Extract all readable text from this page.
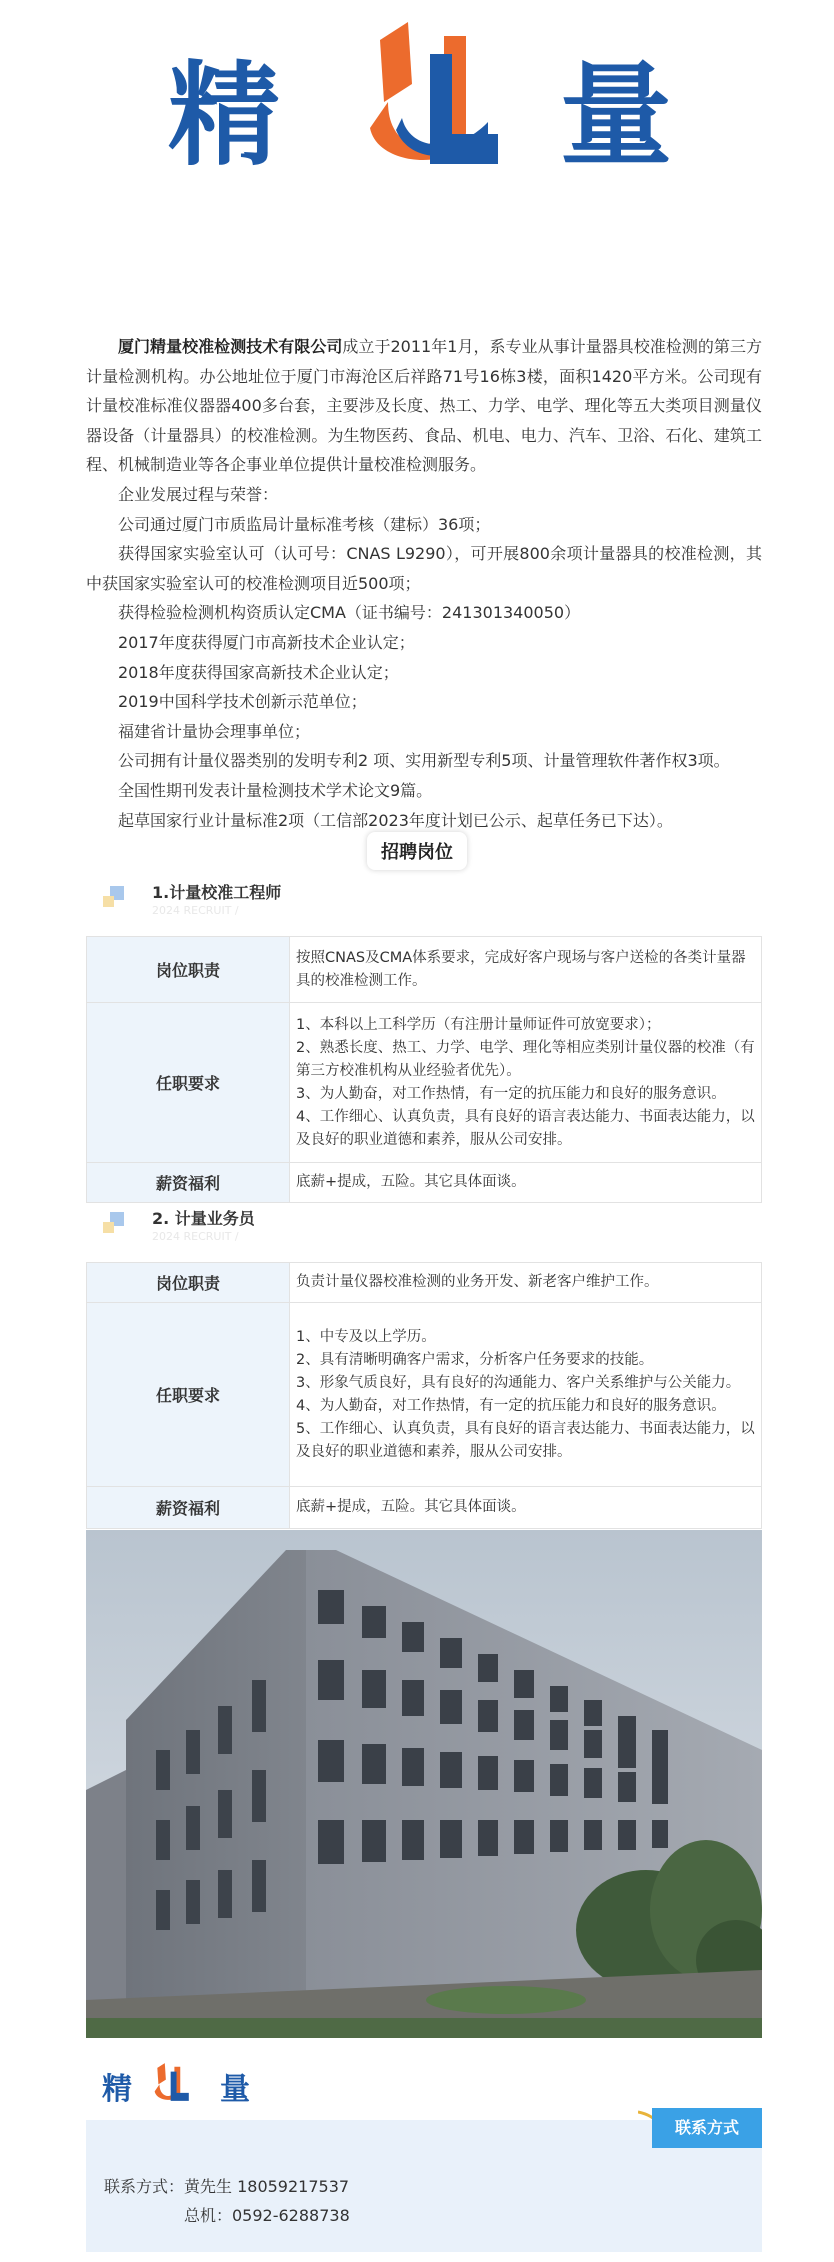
精	量

厦门精量校准检测技术有限公司成立于2011年1月，系专业从事计量器具校准检测的第三方计量检测机构。办公地址位于厦门市海沧区后祥路71号16栋3楼，面积1420平方米。公司现有计量校准标准仪器器400多台套，主要涉及长度、热工、力学、电学、理化等五大类项目测量仪器设备（计量器具）的校准检测。为生物医药、食品、机电、电力、汽车、卫浴、石化、建筑工程、机械制造业等各企事业单位提供计量校准检测服务。

企业发展过程与荣誉：

公司通过厦门市质监局计量标准考核（建标）36项；

获得国家实验室认可（认可号：CNAS L9290），可开展800余项计量器具的校准检测，其中获国家实验室认可的校准检测项目近500项；

获得检验检测机构资质认定CMA（证书编号：241301340050）

2017年度获得厦门市高新技术企业认定；

2018年度获得国家高新技术企业认定；

2019中国科学技术创新示范单位；

福建省计量协会理事单位；

公司拥有计量仪器类别的发明专利2 项、实用新型专利5项、计量管理软件著作权3项。

全国性期刊发表计量检测技术学术论文9篇。

起草国家行业计量标准2项（工信部2023年度计划已公示、起草任务已下达）。

招聘岗位
1.计量校准工程师
2024 RECRUIT /
岗位职责	按照CNAS及CMA体系要求，完成好客户现场与客户送检的各类计量器具的校准检测工作。
任职要求	1、本科以上工科学历（有注册计量师证件可放宽要求）；
2、熟悉长度、热工、力学、电学、理化等相应类别计量仪器的校准（有第三方校准机构从业经验者优先）。
3、为人勤奋，对工作热情，有一定的抗压能力和良好的服务意识。
4、工作细心、认真负责，具有良好的语言表达能力、书面表达能力，以及良好的职业道德和素养，服从公司安排。

薪资福利	底薪+提成，五险。其它具体面谈。
2. 计量业务员
2024 RECRUIT /
岗位职责	负责计量仪器校准检测的业务开发、新老客户维护工作。
任职要求	1、中专及以上学历。
2、具有清晰明确客户需求，分析客户任务要求的技能。
3、形象气质良好，具有良好的沟通能力、客户关系维护与公关能力。
4、为人勤奋，对工作热情，有一定的抗压能力和良好的服务意识。
5、工作细心、认真负责，具有良好的语言表达能力、书面表达能力，以及良好的职业道德和素养，服从公司安排。

薪资福利	底薪+提成，五险。其它具体面谈。
精	量
联系方式
联系方式：黄先生 18059217537
总机：0592-6288738
